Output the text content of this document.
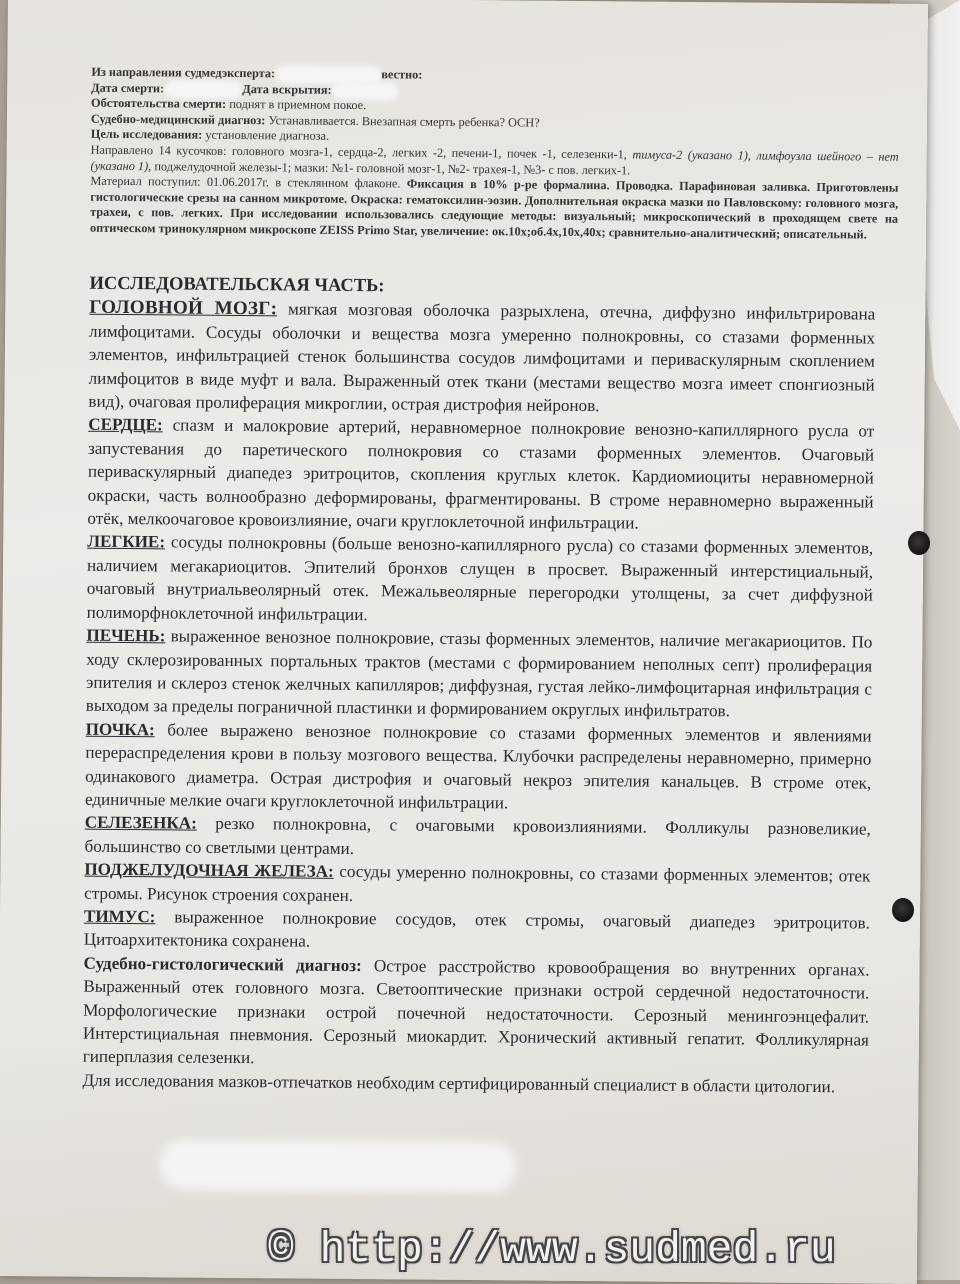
Из направления судмедэксперта:	вестно:

Дата смерти:	Дата вскрытия:

Обстоятельства смерти: поднят в приемном покое.

Судебно-медицинский диагноз: Устанавливается. Внезапная смерть ребенка? ОСН?

Цель исследования: установление диагноза.

Направлено 14 кусочков: головного мозга-1, сердца-2, легких -2, печени-1, почек -1, селезенки-1, тимуса-2 (указано 1), лимфоузла шейного – нет (указано 1), поджелудочной железы-1; мазки: №1- головной мозг-1, №2- трахея-1, №3- с пов. легких-1.

Материал поступил: 01.06.2017г. в стеклянном флаконе. Фиксация в 10% р-ре формалина. Проводка. Парафиновая заливка. Приготовлены гистологические срезы на санном микротоме. Окраска: гематоксилин-эозин. Дополнительная окраска мазки по Павловскому: головного мозга, трахеи, с пов. легких. При исследовании использовались следующие методы: визуальный; микроскопический в проходящем свете на оптическом тринокулярном микроскопе ZEISS Primo Star, увеличение: ок.10х;об.4х,10х,40х; сравнительно-аналитический; описательный.

ИССЛЕДОВАТЕЛЬСКАЯ ЧАСТЬ:

ГОЛОВНОЙ МОЗГ: мягкая мозговая оболочка разрыхлена, отечна, диффузно инфильтрирована лимфоцитами. Сосуды оболочки и вещества мозга умеренно полнокровны, со стазами форменных элементов, инфильтрацией стенок большинства сосудов лимфоцитами и периваскулярным скоплением лимфоцитов в виде муфт и вала. Выраженный отек ткани (местами вещество мозга имеет спонгиозный вид), очаговая пролиферация микроглии, острая дистрофия нейронов.

СЕРДЦЕ: спазм и малокровие артерий, неравномерное полнокровие венозно-капиллярного русла от запустевания до паретического полнокровия со стазами форменных элементов. Очаговый периваскулярный диапедез эритроцитов, скопления круглых клеток. Кардиомиоциты неравномерной окраски, часть волнообразно деформированы, фрагментированы. В строме неравномерно выраженный отёк, мелкоочаговое кровоизлияние, очаги круглоклеточной инфильтрации.

ЛЕГКИЕ: сосуды полнокровны (больше венозно-капиллярного русла) со стазами форменных элементов, наличием мегакариоцитов. Эпителий бронхов слущен в просвет. Выраженный интерстициальный, очаговый внутриальвеолярный отек. Межальвеолярные перегородки утолщены, за счет диффузной полиморфноклеточной инфильтрации.

ПЕЧЕНЬ: выраженное венозное полнокровие, стазы форменных элементов, наличие мегакариоцитов. По ходу склерозированных портальных трактов (местами с формированием неполных септ) пролиферация эпителия и склероз стенок желчных капилляров; диффузная, густая лейко-лимфоцитарная инфильтрация с выходом за пределы пограничной пластинки и формированием округлых инфильтратов.

ПОЧКА: более выражено венозное полнокровие со стазами форменных элементов и явлениями перераспределения крови в пользу мозгового вещества. Клубочки распределены неравномерно, примерно одинакового диаметра. Острая дистрофия и очаговый некроз эпителия канальцев. В строме отек, единичные мелкие очаги круглоклеточной инфильтрации.

СЕЛЕЗЕНКА: резко полнокровна, с очаговыми кровоизлияниями. Фолликулы разновеликие, большинство со светлыми центрами.

ПОДЖЕЛУДОЧНАЯ ЖЕЛЕЗА: сосуды умеренно полнокровны, со стазами форменных элементов; отек стромы. Рисунок строения сохранен.

ТИМУС: выраженное полнокровие сосудов, отек стромы, очаговый диапедез эритроцитов. Цитоархитектоника сохранена.

Судебно-гистологический диагноз: Острое расстройство кровообращения во внутренних органах. Выраженный отек головного мозга. Светооптические признаки острой сердечной недостаточности. Морфологические признаки острой почечной недостаточности. Серозный менингоэнцефалит. Интерстициальная пневмония. Серозный миокардит. Хронический активный гепатит. Фолликулярная гиперплазия селезенки.

Для исследования мазков-отпечатков необходим сертифицированный специалист в области цитологии.

© http://www.sudmed.ru
